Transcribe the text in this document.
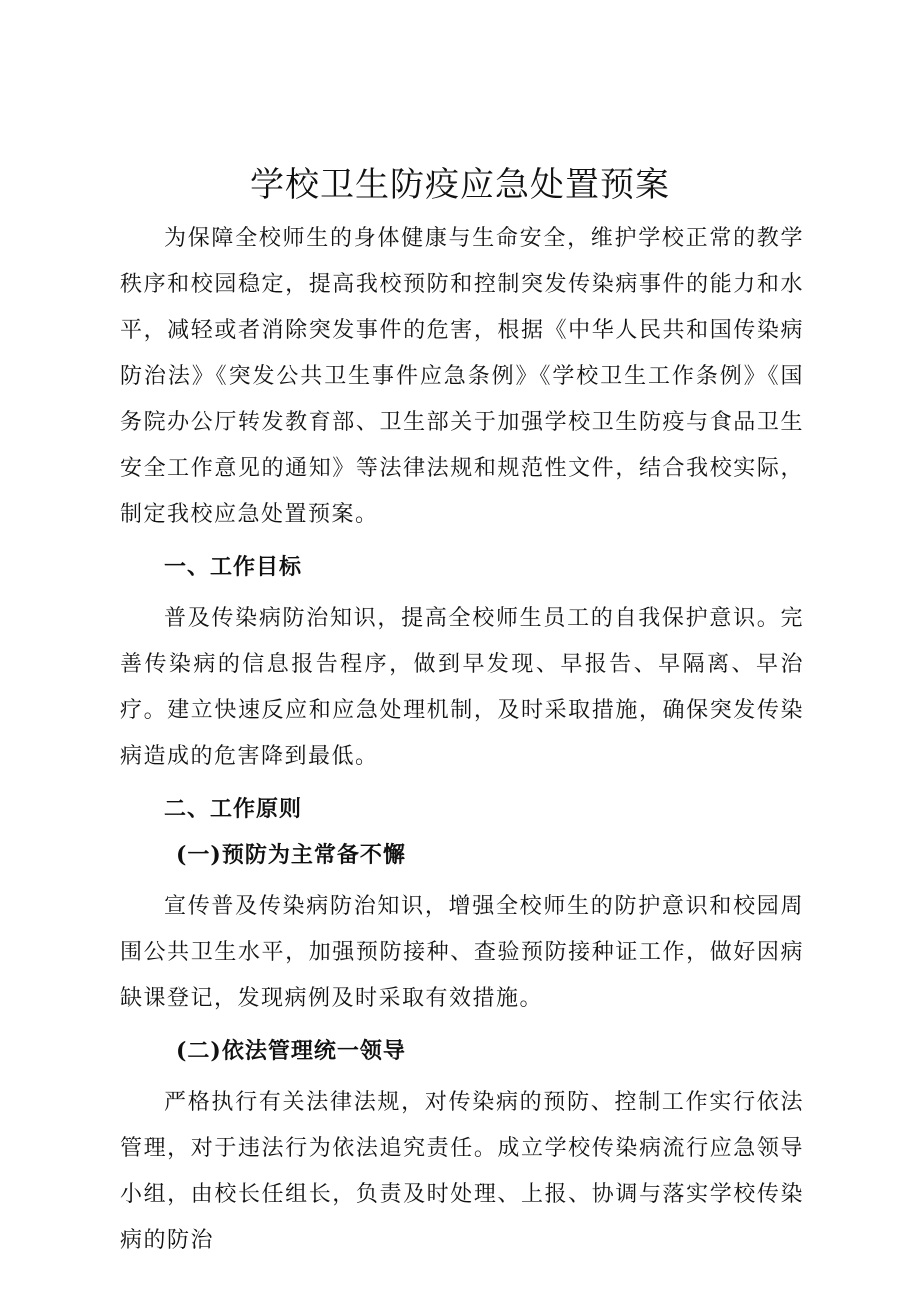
学校卫生防疫应急处置预案

为保障全校师生的身体健康与生命安全，维护学校正常的教学秩序和校园稳定，提高我校预防和控制突发传染病事件的能力和水平，减轻或者消除突发事件的危害，根据《中华人民共和国传染病防治法》《突发公共卫生事件应急条例》《学校卫生工作条例》《国务院办公厅转发教育部、卫生部关于加强学校卫生防疫与食品卫生安全工作意见的通知》等法律法规和规范性文件，结合我校实际，制定我校应急处置预案。

一、工作目标

普及传染病防治知识，提高全校师生员工的自我保护意识。完善传染病的信息报告程序，做到早发现、早报告、早隔离、早治疗。建立快速反应和应急处理机制，及时采取措施，确保突发传染病造成的危害降到最低。

二、工作原则

(一)预防为主常备不懈

宣传普及传染病防治知识，增强全校师生的防护意识和校园周围公共卫生水平，加强预防接种、查验预防接种证工作，做好因病缺课登记，发现病例及时采取有效措施。

(二)依法管理统一领导

严格执行有关法律法规，对传染病的预防、控制工作实行依法管理，对于违法行为依法追究责任。成立学校传染病流行应急领导小组，由校长任组长，负责及时处理、上报、协调与落实学校传染病的防治
